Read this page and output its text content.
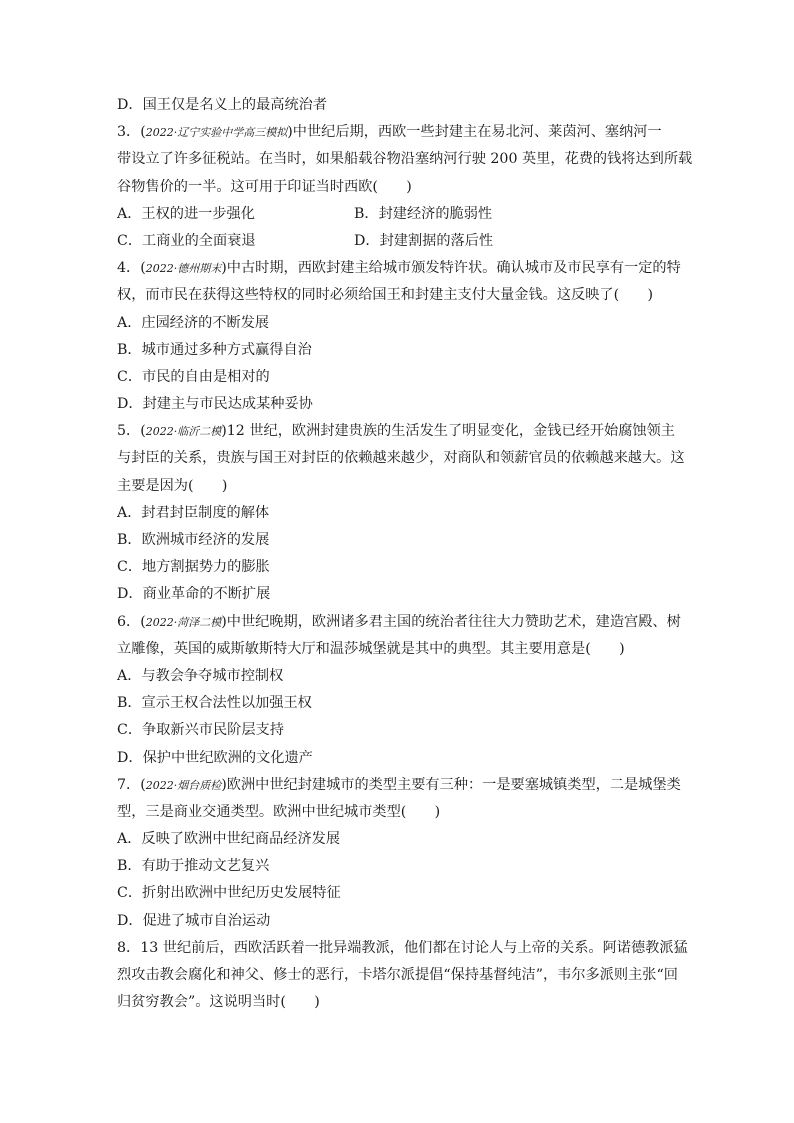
D．国王仅是名义上的最高统治者
3．(2022·辽宁实验中学高三模拟)中世纪后期，西欧一些封建主在易北河、莱茵河、塞纳河一
带设立了许多征税站。在当时，如果船载谷物沿塞纳河行驶 200 英里，花费的钱将达到所载
谷物售价的一半。这可用于印证当时西欧(　　)
A．王权的进一步强化	B．封建经济的脆弱性
C．工商业的全面衰退	D．封建割据的落后性
4．(2022·德州期末)中古时期，西欧封建主给城市颁发特许状。确认城市及市民享有一定的特
权，而市民在获得这些特权的同时必须给国王和封建主支付大量金钱。这反映了(　　)
A．庄园经济的不断发展
B．城市通过多种方式赢得自治
C．市民的自由是相对的
D．封建主与市民达成某种妥协
5．(2022·临沂二模)12 世纪，欧洲封建贵族的生活发生了明显变化，金钱已经开始腐蚀领主
与封臣的关系，贵族与国王对封臣的依赖越来越少，对商队和领薪官员的依赖越来越大。这
主要是因为(　　)
A．封君封臣制度的解体
B．欧洲城市经济的发展
C．地方割据势力的膨胀
D．商业革命的不断扩展
6．(2022·菏泽二模)中世纪晚期，欧洲诸多君主国的统治者往往大力赞助艺术，建造宫殿、树
立雕像，英国的威斯敏斯特大厅和温莎城堡就是其中的典型。其主要用意是(　　)
A．与教会争夺城市控制权
B．宣示王权合法性以加强王权
C．争取新兴市民阶层支持
D．保护中世纪欧洲的文化遗产
7．(2022·烟台质检)欧洲中世纪封建城市的类型主要有三种：一是要塞城镇类型，二是城堡类
型，三是商业交通类型。欧洲中世纪城市类型(　　)
A．反映了欧洲中世纪商品经济发展
B．有助于推动文艺复兴
C．折射出欧洲中世纪历史发展特征
D．促进了城市自治运动
8．13 世纪前后，西欧活跃着一批异端教派，他们都在讨论人与上帝的关系。阿诺德教派猛
烈攻击教会腐化和神父、修士的恶行，卡塔尔派提倡“保持基督纯洁”，韦尔多派则主张“回
归贫穷教会”。这说明当时(　　)
